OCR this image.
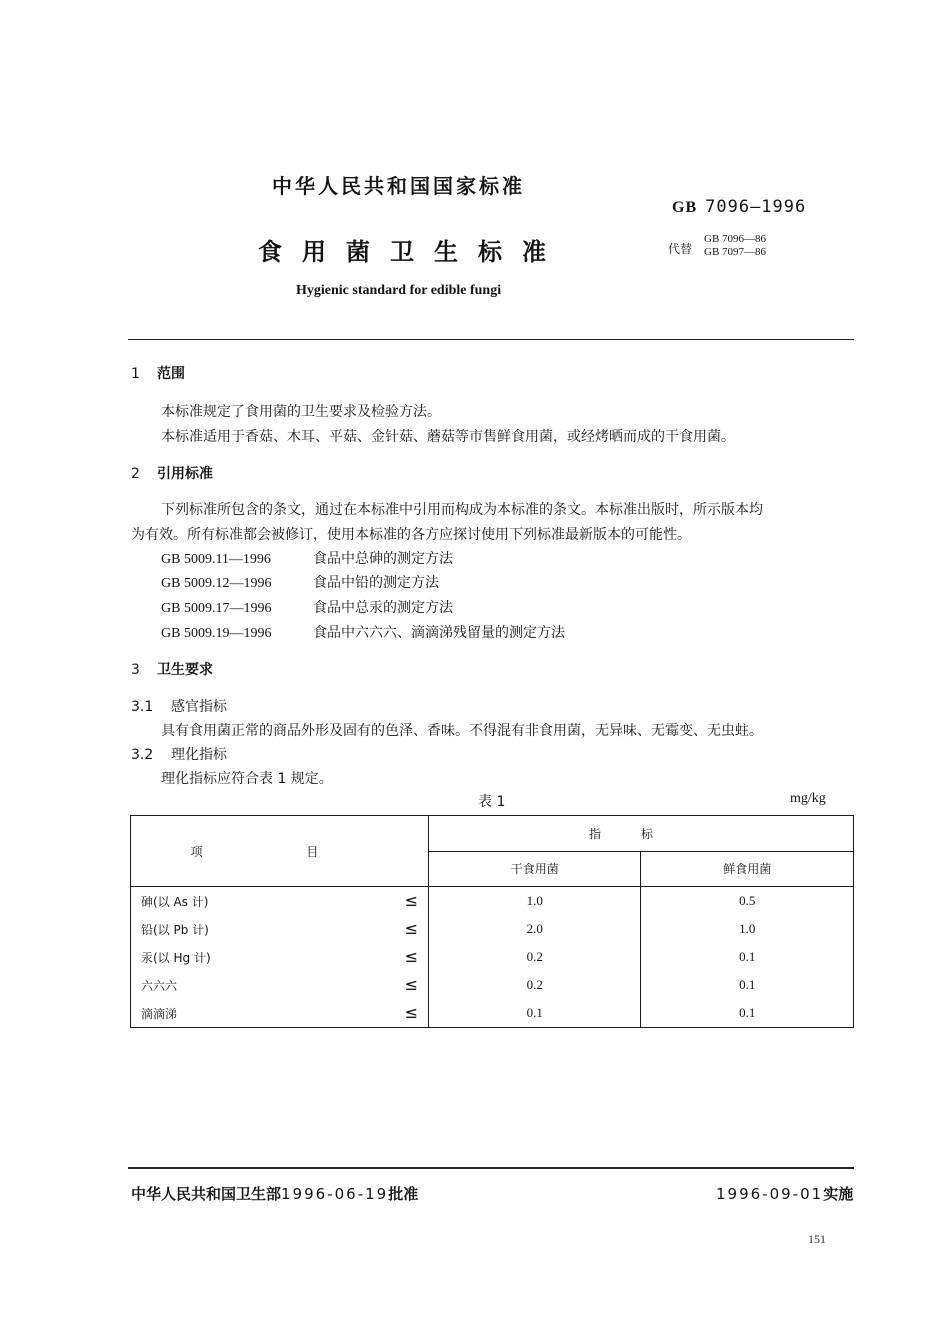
中华人民共和国国家标准
GB 7096—1996
食用菌卫生标准	代替
GB 7096—86
GB 7097—86
Hygienic standard for edible fungi
1 范围
本标准规定了食用菌的卫生要求及检验方法。
本标准适用于香菇、木耳、平菇、金针菇、蘑菇等市售鲜食用菌，或经烤晒而成的干食用菌。
2 引用标准
下列标准所包含的条文，通过在本标准中引用而构成为本标准的条文。本标准出版时，所示版本均
为有效。所有标准都会被修订，使用本标准的各方应探讨使用下列标准最新版本的可能性。
GB 5009.11—1996	食品中总砷的测定方法
GB 5009.12—1996	食品中铅的测定方法
GB 5009.17—1996	食品中总汞的测定方法
GB 5009.19—1996	食品中六六六、滴滴涕残留量的测定方法
3 卫生要求
3.1 感官指标
具有食用菌正常的商品外形及固有的色泽、香味。不得混有非食用菌，无异味、无霉变、无虫蛀。
3.2 理化指标
理化指标应符合表 1 规定。
表 1	mg/kg
项 目	指标	
	干食用菌	鲜食用菌
砷(以 As 计) ≤	1.0	0.5
铅(以 Pb 计) ≤	2.0	1.0
汞(以 Hg 计) ≤	0.2	0.1
六六六 ≤	0.2	0.1
滴滴涕 ≤	0.1	0.1
中华人民共和国卫生部1996-06-19批准	1996-09-01实施
151
